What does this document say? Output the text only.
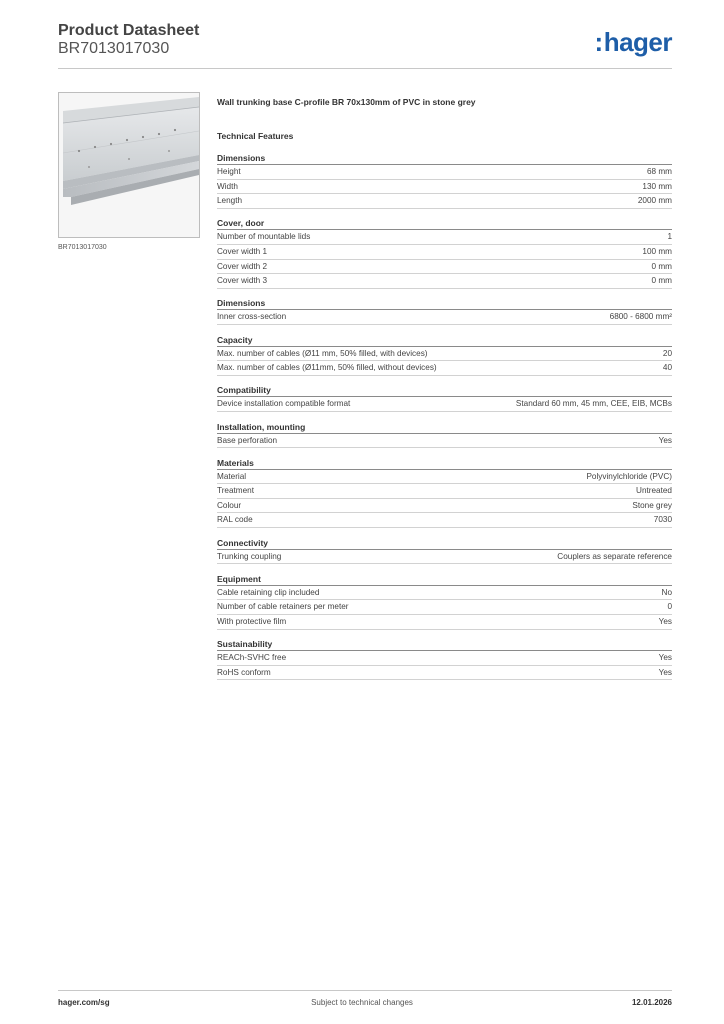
Product Datasheet
BR7013017030	:hager
BR7013017030
Wall trunking base C-profile BR 70x130mm of PVC in stone grey
Technical Features
Dimensions
Height	68 mm
Width	130 mm
Length	2000 mm
Cover, door
Number of mountable lids	1
Cover width 1	100 mm
Cover width 2	0 mm
Cover width 3	0 mm
Dimensions
Inner cross-section	6800 - 6800 mm²
Capacity
Max. number of cables (Ø11 mm, 50% filled, with devices)	20
Max. number of cables (Ø11mm, 50% filled, without devices)	40
Compatibility
Device installation compatible format	Standard 60 mm, 45 mm, CEE, EIB, MCBs
Installation, mounting
Base perforation	Yes
Materials
Material	Polyvinylchloride (PVC)
Treatment	Untreated
Colour	Stone grey
RAL code	7030
Connectivity
Trunking coupling	Couplers as separate reference
Equipment
Cable retaining clip included	No
Number of cable retainers per meter	0
With protective film	Yes
Sustainability
REACh-SVHC free	Yes
RoHS conform	Yes
hager.com/sg	Subject to technical changes	12.01.2026
